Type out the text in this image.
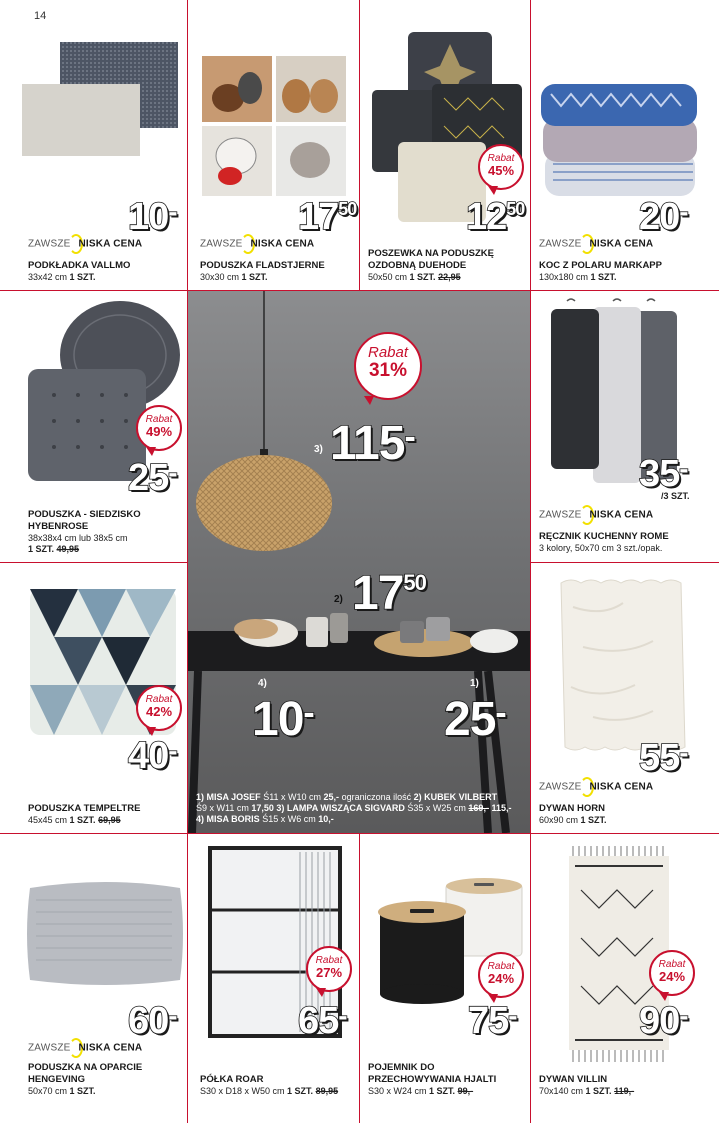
14
10-
ZAWSZE NISKA CENA
PODKŁADKA VALLMO
33x42 cm 1 SZT.
1750
ZAWSZE NISKA CENA
PODUSZKA FLADSTJERNE
30x30 cm 1 SZT.
Rabat
45%
1250
POSZEWKA NA PODUSZKĘ
OZDOBNĄ DUEHODE
50x50 cm 1 SZT. 22,95
20-
ZAWSZE NISKA CENA
KOC Z POLARU MARKAPP
130x180 cm 1 SZT.
Rabat
49%
25-
PODUSZKA - SIEDZISKO
HYBENROSE
38x38x4 cm lub 38x5 cm
1 SZT. 49,95
35-
/3 SZT.
ZAWSZE NISKA CENA
RĘCZNIK KUCHENNY ROME
3 kolory, 50x70 cm 3 szt./opak.
Rabat
42%
40-
PODUSZKA TEMPELTRE
45x45 cm 1 SZT. 69,95
55-
ZAWSZE NISKA CENA
DYWAN HORN
60x90 cm 1 SZT.
Rabat
31%
3) 115-
2) 1750
4)
10-
1)
25-
1) MISA JOSEF Ś11 x W10 cm 25,- ograniczona ilość 2) KUBEK VILBERT
Ś9 x W11 cm 17,50 3) LAMPA WISZĄCA SIGVARD Ś35 x W25 cm 169,- 115,-
4) MISA BORIS Ś15 x W6 cm 10,-
60-
ZAWSZE NISKA CENA
PODUSZKA NA OPARCIE
HENGEVING
50x70 cm 1 SZT.
Rabat
27%
65-
PÓŁKA ROAR
S30 x D18 x W50 cm 1 SZT. 89,95
Rabat
24%
75-
POJEMNIK DO
PRZECHOWYWANIA HJALTI
S30 x W24 cm 1 SZT. 99,-
Rabat
24%
90-
DYWAN VILLIN
70x140 cm 1 SZT. 119,-
